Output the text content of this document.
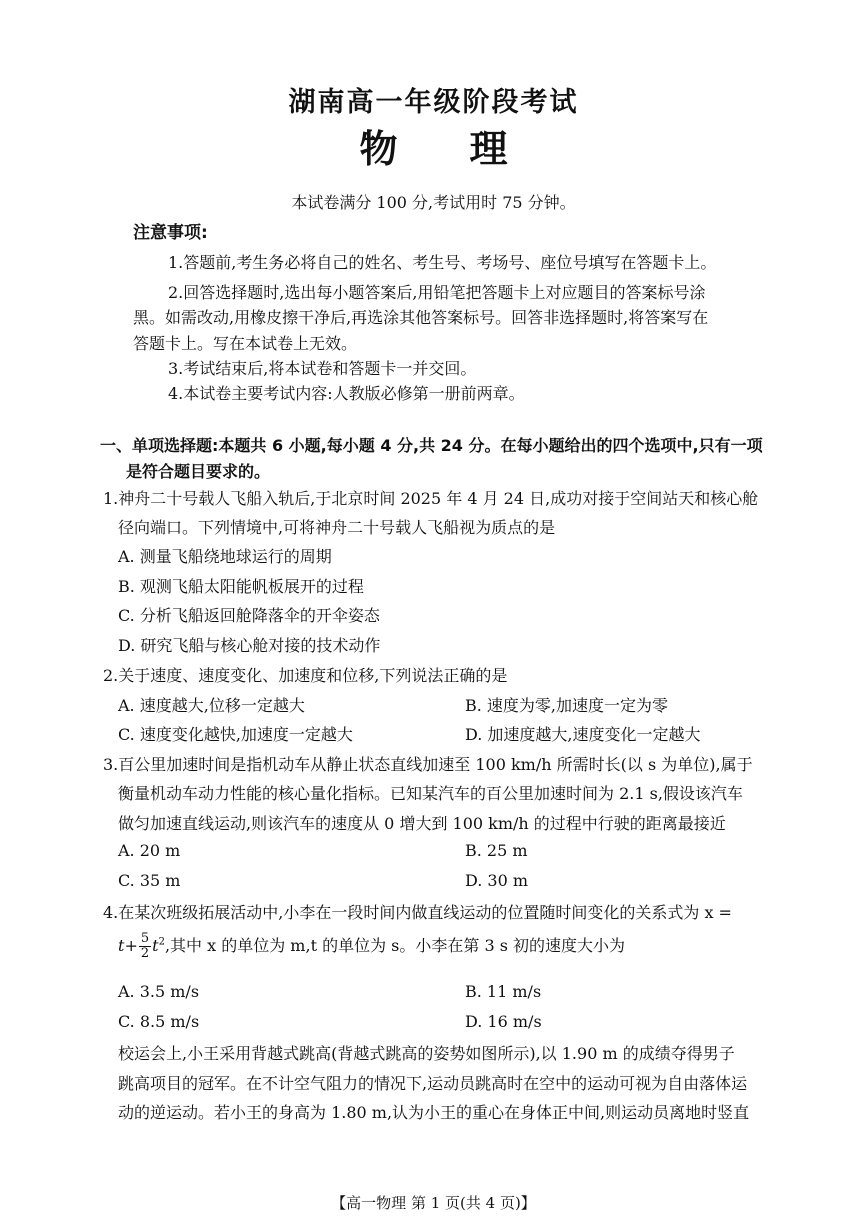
湖南高一年级阶段考试
物 理
本试卷满分 100 分,考试用时 75 分钟。
注意事项:
1.答题前,考生务必将自己的姓名、考生号、考场号、座位号填写在答题卡上。
2.回答选择题时,选出每小题答案后,用铅笔把答题卡上对应题目的答案标号涂
黑。如需改动,用橡皮擦干净后,再选涂其他答案标号。回答非选择题时,将答案写在
答题卡上。写在本试卷上无效。
3.考试结束后,将本试卷和答题卡一并交回。
4.本试卷主要考试内容:人教版必修第一册前两章。
一、单项选择题:本题共 6 小题,每小题 4 分,共 24 分。在每小题给出的四个选项中,只有一项
是符合题目要求的。
1.神舟二十号载人飞船入轨后,于北京时间 2025 年 4 月 24 日,成功对接于空间站天和核心舱
径向端口。下列情境中,可将神舟二十号载人飞船视为质点的是
A. 测量飞船绕地球运行的周期
B. 观测飞船太阳能帆板展开的过程
C. 分析飞船返回舱降落伞的开伞姿态
D. 研究飞船与核心舱对接的技术动作
2.关于速度、速度变化、加速度和位移,下列说法正确的是
A. 速度越大,位移一定越大	B. 速度为零,加速度一定为零
C. 速度变化越快,加速度一定越大	D. 加速度越大,速度变化一定越大
3.百公里加速时间是指机动车从静止状态直线加速至 100 km/h 所需时长(以 s 为单位),属于
衡量机动车动力性能的核心量化指标。已知某汽车的百公里加速时间为 2.1 s,假设该汽车
做匀加速直线运动,则该汽车的速度从 0 增大到 100 km/h 的过程中行驶的距离最接近
A. 20 m	B. 25 m
C. 35 m	D. 30 m
4.在某次班级拓展活动中,小李在一段时间内做直线运动的位置随时间变化的关系式为 x =
$t+ \frac{5}{2} t^2$,其中 x 的单位为 m,t 的单位为 s。小李在第 3 s 初的速度大小为
A. 3.5 m/s	B. 11 m/s
C. 8.5 m/s	D. 16 m/s
校运会上,小王采用背越式跳高(背越式跳高的姿势如图所示),以 1.90 m 的成绩夺得男子
跳高项目的冠军。在不计空气阻力的情况下,运动员跳高时在空中的运动可视为自由落体运
动的逆运动。若小王的身高为 1.80 m,认为小王的重心在身体正中间,则运动员离地时竖直
【高一物理 第 1 页(共 4 页)】
